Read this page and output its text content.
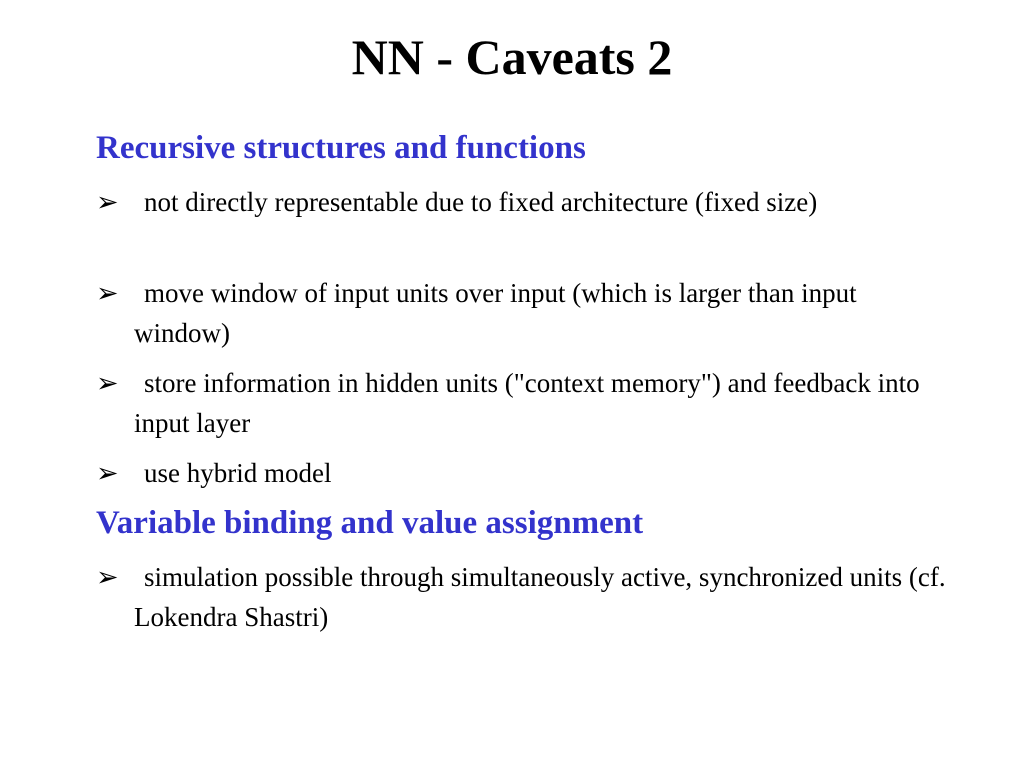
NN - Caveats 2
Recursive structures and functions
➢ not directly representable due to fixed architecture (fixed size)
➢ move window of input units over input (which is larger than input window)
➢ store information in hidden units ("context memory") and feedback into input layer
➢ use hybrid model
Variable binding and value assignment
➢ simulation possible through simultaneously active, synchronized units (cf. Lokendra Shastri)
